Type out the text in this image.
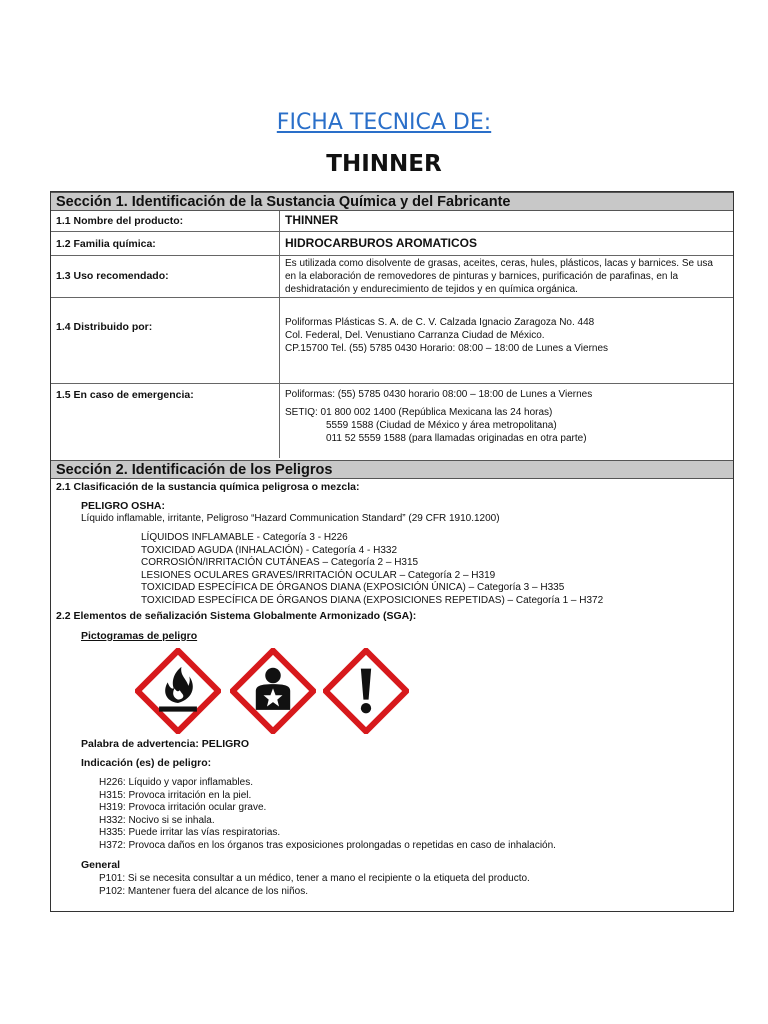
FICHA TECNICA DE:
THINNER
Sección 1. Identificación de la Sustancia Química y del Fabricante
1.1 Nombre del producto:	THINNER
1.2 Familia química:	HIDROCARBUROS AROMATICOS
1.3 Uso recomendado:
Es utilizada como disolvente de grasas, aceites, ceras, hules, plásticos, lacas y barnices. Se usa
en la elaboración de removedores de pinturas y barnices, purificación de parafinas, en la
deshidratación y endurecimiento de tejidos y en química orgánica.
1.4 Distribuido por:	Poliformas Plásticas S. A. de C. V. Calzada Ignacio Zaragoza No. 448
Col. Federal, Del. Venustiano Carranza Ciudad de México.
CP.15700 Tel. (55) 5785 0430 Horario: 08:00 – 18:00 de Lunes a Viernes
1.5 En caso de emergencia:	Poliformas: (55) 5785 0430 horario 08:00 – 18:00 de Lunes a Viernes
SETIQ: 01 800 002 1400 (República Mexicana las 24 horas)
5559 1588 (Ciudad de México y área metropolitana)
011 52 5559 1588 (para llamadas originadas en otra parte)
Sección 2. Identificación de los Peligros
2.1 Clasificación de la sustancia química peligrosa o mezcla:
PELIGRO OSHA:
Líquido inflamable, irritante, Peligroso “Hazard Communication Standard” (29 CFR 1910.1200)
LÍQUIDOS INFLAMABLE - Categoría 3 - H226
TOXICIDAD AGUDA (INHALACIÓN) - Categoría 4 - H332
CORROSIÓN/IRRITACIÓN CUTÁNEAS – Categoría 2 – H315
LESIONES OCULARES GRAVES/IRRITACIÓN OCULAR – Categoría 2 – H319
TOXICIDAD ESPECÍFICA DE ÓRGANOS DIANA (EXPOSICIÓN ÚNICA) – Categoría 3 – H335
TOXICIDAD ESPECÍFICA DE ÓRGANOS DIANA (EXPOSICIONES REPETIDAS) – Categoría 1 – H372
2.2 Elementos de señalización Sistema Globalmente Armonizado (SGA):
Pictogramas de peligro
Palabra de advertencia: PELIGRO
Indicación (es) de peligro:
H226: Líquido y vapor inflamables.
H315: Provoca irritación en la piel.
H319: Provoca irritación ocular grave.
H332: Nocivo si se inhala.
H335: Puede irritar las vías respiratorias.
H372: Provoca daños en los órganos tras exposiciones prolongadas o repetidas en caso de inhalación.
General
P101: Si se necesita consultar a un médico, tener a mano el recipiente o la etiqueta del producto.
P102: Mantener fuera del alcance de los niños.
